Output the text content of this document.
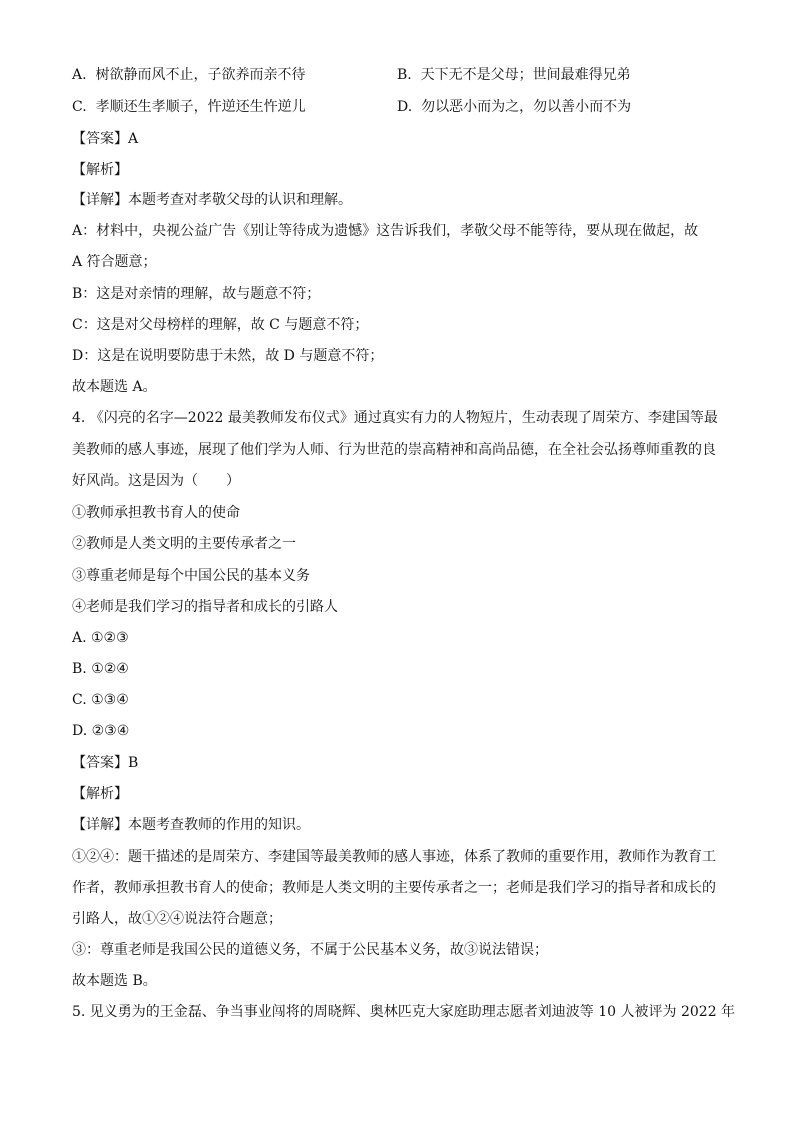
A. 树欲静而风不止，子欲养而亲不待	B. 天下无不是父母；世间最难得兄弟
C. 孝顺还生孝顺子，忤逆还生忤逆儿	D. 勿以恶小而为之，勿以善小而不为
【答案】A
【解析】
【详解】本题考查对孝敬父母的认识和理解。
A：材料中，央视公益广告《别让等待成为遗憾》这告诉我们，孝敬父母不能等待，要从现在做起，故
A 符合题意；
B：这是对亲情的理解，故与题意不符；
C：这是对父母榜样的理解，故 C 与题意不符；
D：这是在说明要防患于未然，故 D 与题意不符；
故本题选 A。
4. 《闪亮的名字—2022 最美教师发布仪式》通过真实有力的人物短片，生动表现了周荣方、李建国等最
美教师的感人事迹，展现了他们学为人师、行为世范的崇高精神和高尚品德，在全社会弘扬尊师重教的良
好风尚。这是因为（　　）
①教师承担教书育人的使命
②教师是人类文明的主要传承者之一
③尊重老师是每个中国公民的基本义务
④老师是我们学习的指导者和成长的引路人
A. ①②③
B. ①②④
C. ①③④
D. ②③④
【答案】B
【解析】
【详解】本题考查教师的作用的知识。
①②④：题干描述的是周荣方、李建国等最美教师的感人事迹，体系了教师的重要作用，教师作为教育工
作者，教师承担教书育人的使命；教师是人类文明的主要传承者之一；老师是我们学习的指导者和成长的
引路人，故①②④说法符合题意；
③：尊重老师是我国公民的道德义务，不属于公民基本义务，故③说法错误；
故本题选 B。
5. 见义勇为的王金磊、争当事业闯将的周晓辉、奥林匹克大家庭助理志愿者刘迪波等 10 人被评为 2022 年
